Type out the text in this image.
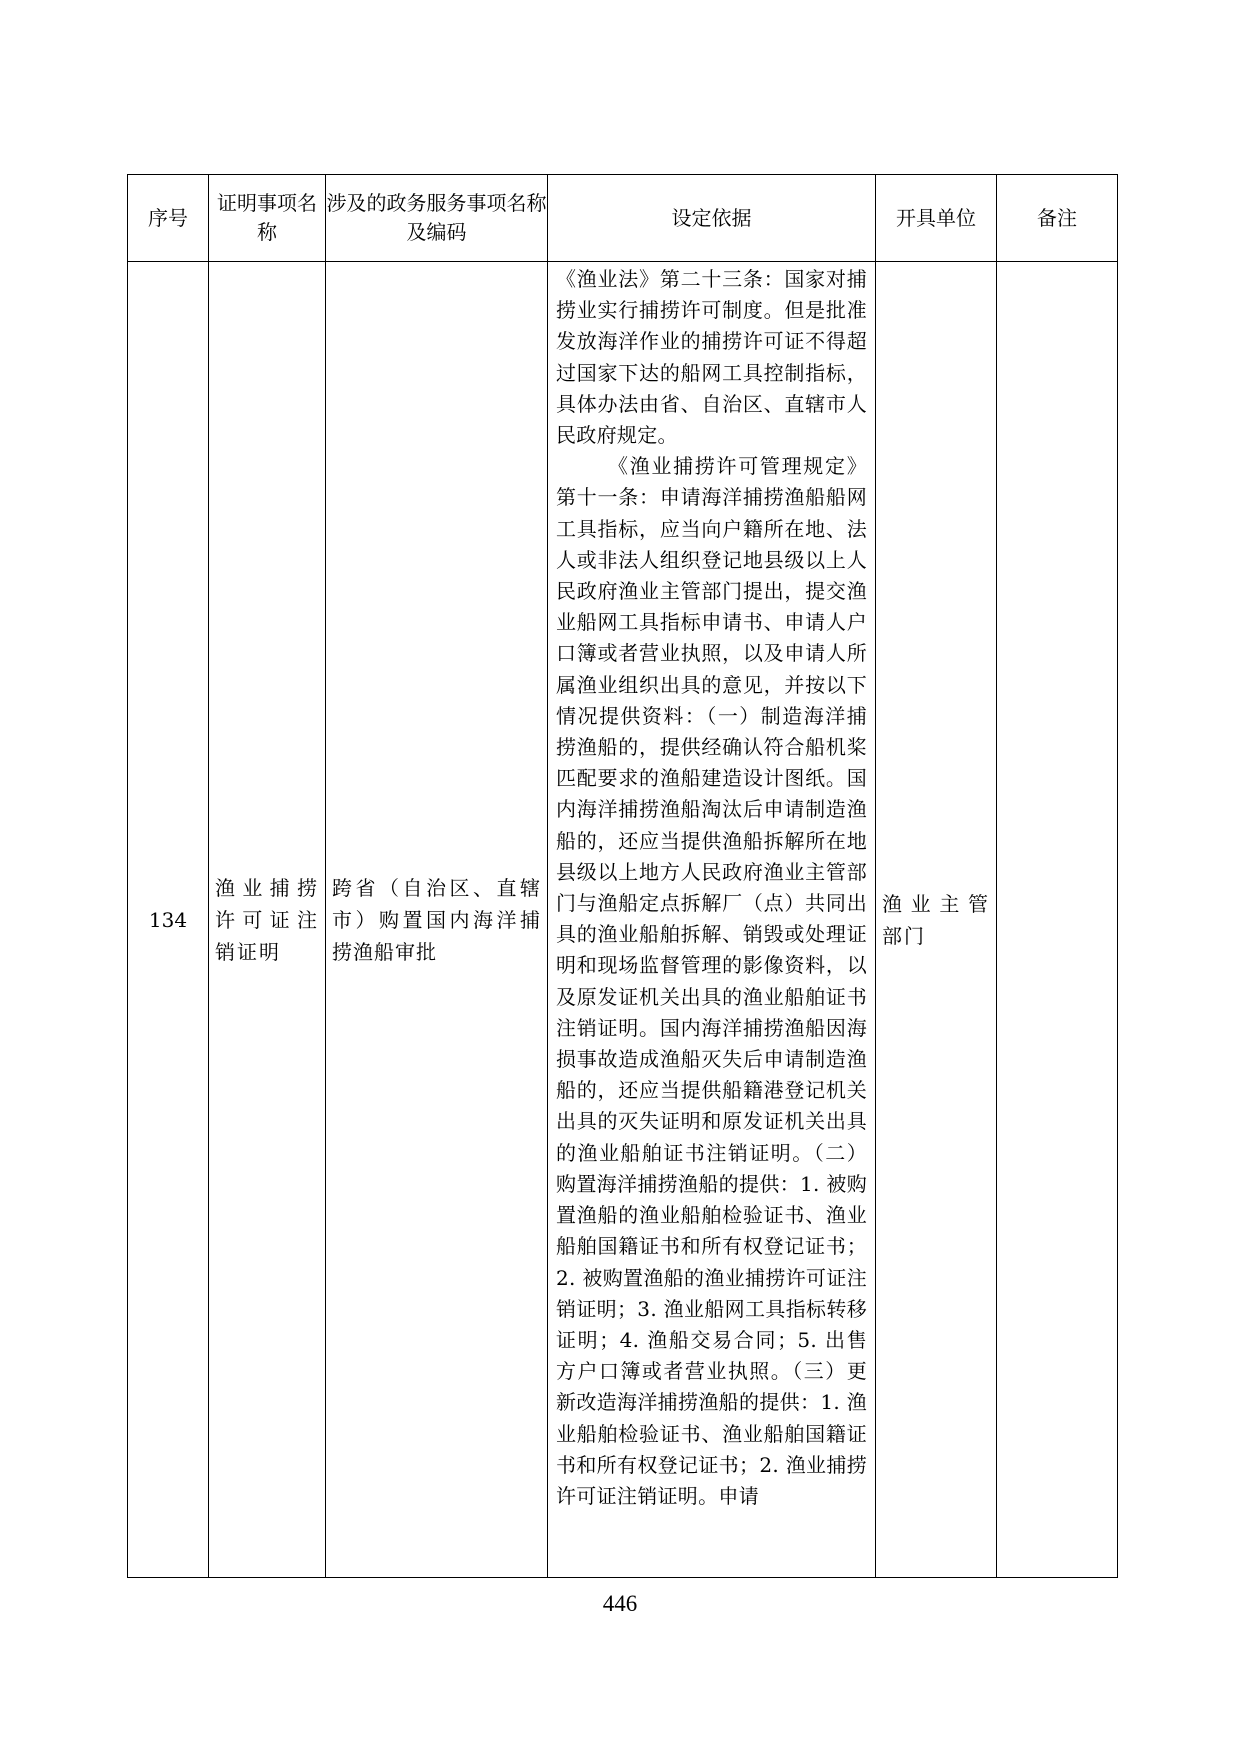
序号	证明事项名称	涉及的政务服务事项名称及编码	设定依据	开具单位	备注
134	渔业捕捞许可证注销证明	跨省（自治区、直辖市）购置国内海洋捕捞渔船审批	《渔业法》第二十三条：国家对捕捞业实行捕捞许可制度。但是批准发放海洋作业的捕捞许可证不得超过国家下达的船网工具控制指标，具体办法由省、自治区、直辖市人民政府规定。

《渔业捕捞许可管理规定》第十一条：申请海洋捕捞渔船船网工具指标，应当向户籍所在地、法人或非法人组织登记地县级以上人民政府渔业主管部门提出，提交渔业船网工具指标申请书、申请人户口簿或者营业执照，以及申请人所属渔业组织出具的意见，并按以下情况提供资料：（一）制造海洋捕捞渔船的，提供经确认符合船机桨匹配要求的渔船建造设计图纸。国内海洋捕捞渔船淘汰后申请制造渔船的，还应当提供渔船拆解所在地县级以上地方人民政府渔业主管部门与渔船定点拆解厂（点）共同出具的渔业船舶拆解、销毁或处理证明和现场监督管理的影像资料，以及原发证机关出具的渔业船舶证书注销证明。国内海洋捕捞渔船因海损事故造成渔船灭失后申请制造渔船的，还应当提供船籍港登记机关出具的灭失证明和原发证机关出具的渔业船舶证书注销证明。（二）购置海洋捕捞渔船的提供：1. 被购置渔船的渔业船舶检验证书、渔业船舶国籍证书和所有权登记证书；2. 被购置渔船的渔业捕捞许可证注销证明；3. 渔业船网工具指标转移证明；4. 渔船交易合同；5. 出售方户口簿或者营业执照。（三）更新改造海洋捕捞渔船的提供：1. 渔业船舶检验证书、渔业船舶国籍证书和所有权登记证书；2. 渔业捕捞许可证注销证明。申请	渔业主管部门	
446
